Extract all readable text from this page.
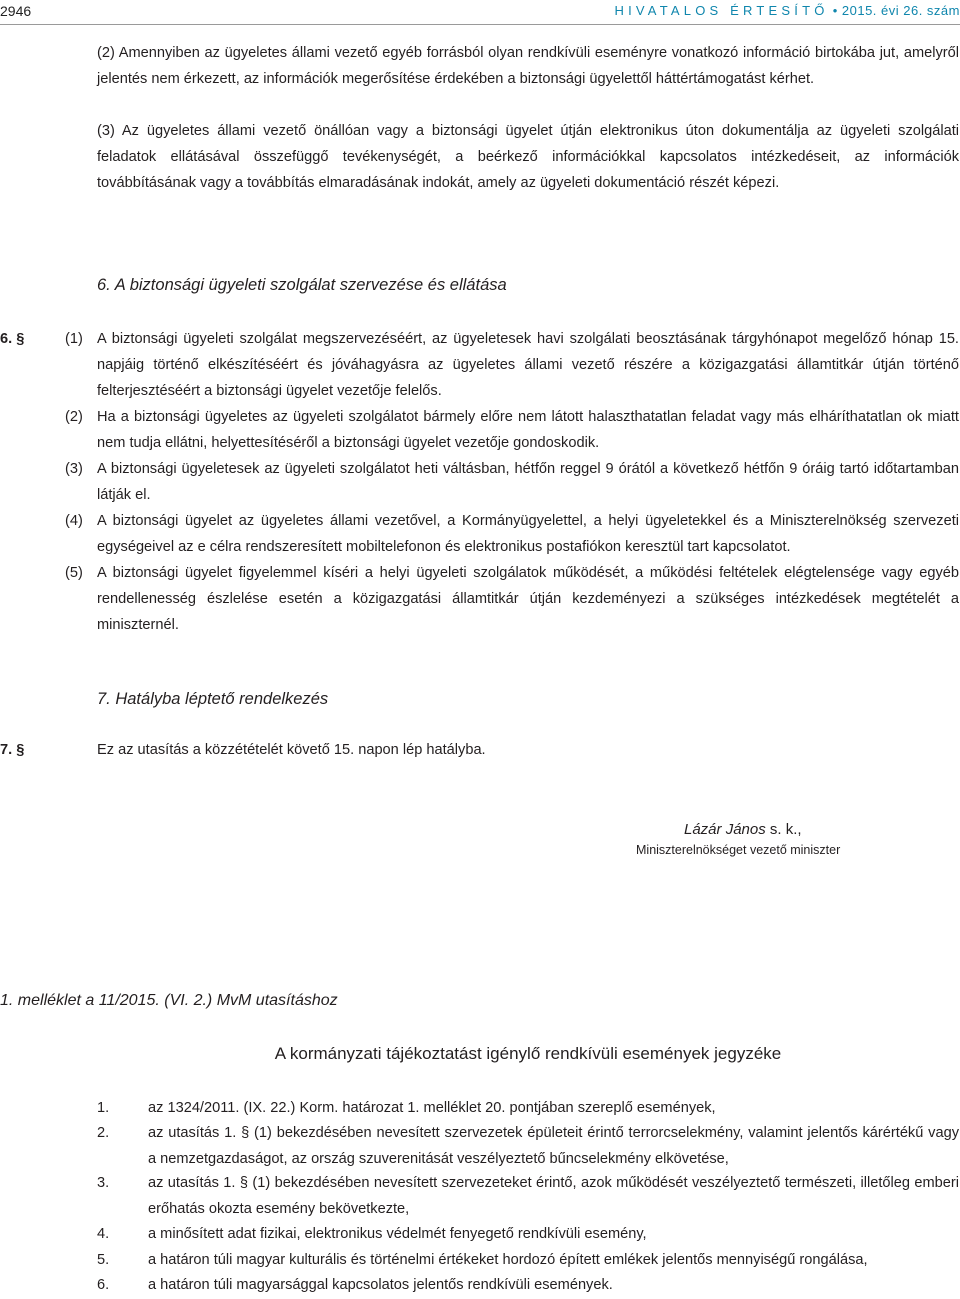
2946	HIVATALOS ÉRTESÍTŐ • 2015. évi 26. szám
(2) Amennyiben az ügyeletes állami vezető egyéb forrásból olyan rendkívüli eseményre vonatkozó információ birtokába jut, amelyről jelentés nem érkezett, az információk megerősítése érdekében a biztonsági ügyelettől háttértámogatást kérhet.
(3) Az ügyeletes állami vezető önállóan vagy a biztonsági ügyelet útján elektronikus úton dokumentálja az ügyeleti szolgálati feladatok ellátásával összefüggő tevékenységét, a beérkező információkkal kapcsolatos intézkedéseit, az információk továbbításának vagy a továbbítás elmaradásának indokát, amely az ügyeleti dokumentáció részét képezi.
6. A biztonsági ügyeleti szolgálat szervezése és ellátása
6. §	(1) A biztonsági ügyeleti szolgálat megszervezéséért, az ügyeletesek havi szolgálati beosztásának tárgyhónapot megelőző hónap 15. napjáig történő elkészítéséért és jóváhagyásra az ügyeletes állami vezető részére a közigazgatási államtitkár útján történő felterjesztéséért a biztonsági ügyelet vezetője felelős.
(2) Ha a biztonsági ügyeletes az ügyeleti szolgálatot bármely előre nem látott halaszthatatlan feladat vagy más elháríthatatlan ok miatt nem tudja ellátni, helyettesítéséről a biztonsági ügyelet vezetője gondoskodik.
(3) A biztonsági ügyeletesek az ügyeleti szolgálatot heti váltásban, hétfőn reggel 9 órától a következő hétfőn 9 óráig tartó időtartamban látják el.
(4) A biztonsági ügyelet az ügyeletes állami vezetővel, a Kormányügyelettel, a helyi ügyeletekkel és a Miniszterelnökség szervezeti egységeivel az e célra rendszeresített mobiltelefonon és elektronikus postafiókon keresztül tart kapcsolatot.
(5) A biztonsági ügyelet figyelemmel kíséri a helyi ügyeleti szolgálatok működését, a működési feltételek elégtelensége vagy egyéb rendellenesség észlelése esetén a közigazgatási államtitkár útján kezdeményezi a szükséges intézkedések megtételét a miniszternél.
7. Hatályba léptető rendelkezés
7. §	Ez az utasítás a közzétételét követő 15. napon lép hatályba.
Lázár János s. k.,
Miniszterelnökséget vezető miniszter
1. melléklet a 11/2015. (VI. 2.) MvM utasításhoz
A kormányzati tájékoztatást igénylő rendkívüli események jegyzéke
1.	az 1324/2011. (IX. 22.) Korm. határozat 1. melléklet 20. pontjában szereplő események,
2.	az utasítás 1. § (1) bekezdésében nevesített szervezetek épületeit érintő terrorcselekmény, valamint jelentős kárértékű vagy a nemzetgazdaságot, az ország szuverenitását veszélyeztető bűncselekmény elkövetése,
3.	az utasítás 1. § (1) bekezdésében nevesített szervezeteket érintő, azok működését veszélyeztető természeti, illetőleg emberi erőhatás okozta esemény bekövetkezte,
4.	a minősített adat fizikai, elektronikus védelmét fenyegető rendkívüli esemény,
5.	a határon túli magyar kulturális és történelmi értékeket hordozó épített emlékek jelentős mennyiségű rongálása,
6.	a határon túli magyarsággal kapcsolatos jelentős rendkívüli események.
